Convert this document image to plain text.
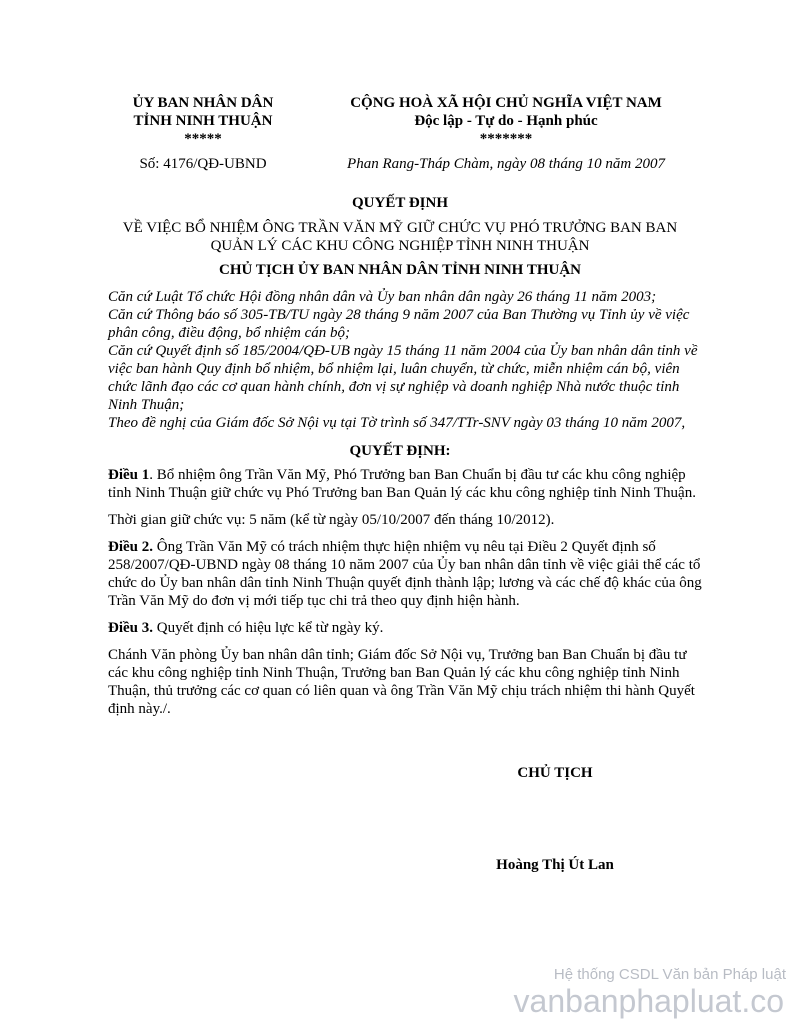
ỦY BAN NHÂN DÂN
TỈNH NINH THUẬN
*****
Số: 4176/QĐ-UBND
CỘNG HOÀ XÃ HỘI CHỦ NGHĨA VIỆT NAM
Độc lập - Tự do - Hạnh phúc
*******
Phan Rang-Tháp Chàm, ngày 08 tháng 10 năm 2007
QUYẾT ĐỊNH
VỀ VIỆC BỔ NHIỆM ÔNG TRẦN VĂN MỸ GIỮ CHỨC VỤ PHÓ TRƯỞNG BAN BAN
QUẢN LÝ CÁC KHU CÔNG NGHIỆP TỈNH NINH THUẬN
CHỦ TỊCH ỦY BAN NHÂN DÂN TỈNH NINH THUẬN

Căn cứ Luật Tổ chức Hội đồng nhân dân và Ủy ban nhân dân ngày 26 tháng 11 năm 2003;

Căn cứ Thông báo số 305-TB/TU ngày 28 tháng 9 năm 2007 của Ban Thường vụ Tỉnh ủy về việc phân công, điều động, bổ nhiệm cán bộ;

Căn cứ Quyết định số 185/2004/QĐ-UB ngày 15 tháng 11 năm 2004 của Ủy ban nhân dân tỉnh về việc ban hành Quy định bổ nhiệm, bổ nhiệm lại, luân chuyển, từ chức, miễn nhiệm cán bộ, viên chức lãnh đạo các cơ quan hành chính, đơn vị sự nghiệp và doanh nghiệp Nhà nước thuộc tỉnh Ninh Thuận;

Theo đề nghị của Giám đốc Sở Nội vụ tại Tờ trình số 347/TTr-SNV ngày 03 tháng 10 năm 2007,

QUYẾT ĐỊNH:

Điều 1. Bổ nhiệm ông Trần Văn Mỹ, Phó Trưởng ban Ban Chuẩn bị đầu tư các khu công nghiệp tỉnh Ninh Thuận giữ chức vụ Phó Trưởng ban Ban Quản lý các khu công nghiệp tỉnh Ninh Thuận.

Thời gian giữ chức vụ: 5 năm (kể từ ngày 05/10/2007 đến tháng 10/2012).

Điều 2. Ông Trần Văn Mỹ có trách nhiệm thực hiện nhiệm vụ nêu tại Điều 2 Quyết định số 258/2007/QĐ-UBND ngày 08 tháng 10 năm 2007 của Ủy ban nhân dân tỉnh về việc giải thể các tổ chức do Ủy ban nhân dân tỉnh Ninh Thuận quyết định thành lập; lương và các chế độ khác của ông Trần Văn Mỹ do đơn vị mới tiếp tục chi trả theo quy định hiện hành.

Điều 3. Quyết định có hiệu lực kể từ ngày ký.

Chánh Văn phòng Ủy ban nhân dân tỉnh; Giám đốc Sở Nội vụ, Trưởng ban Ban Chuẩn bị đầu tư các khu công nghiệp tỉnh Ninh Thuận, Trưởng ban Ban Quản lý các khu công nghiệp tỉnh Ninh Thuận, thủ trưởng các cơ quan có liên quan và ông Trần Văn Mỹ chịu trách nhiệm thi hành Quyết định này./.

CHỦ TỊCH
Hoàng Thị Út Lan
Hệ thống CSDL Văn bản Pháp luật
vanbanphapluat.co
